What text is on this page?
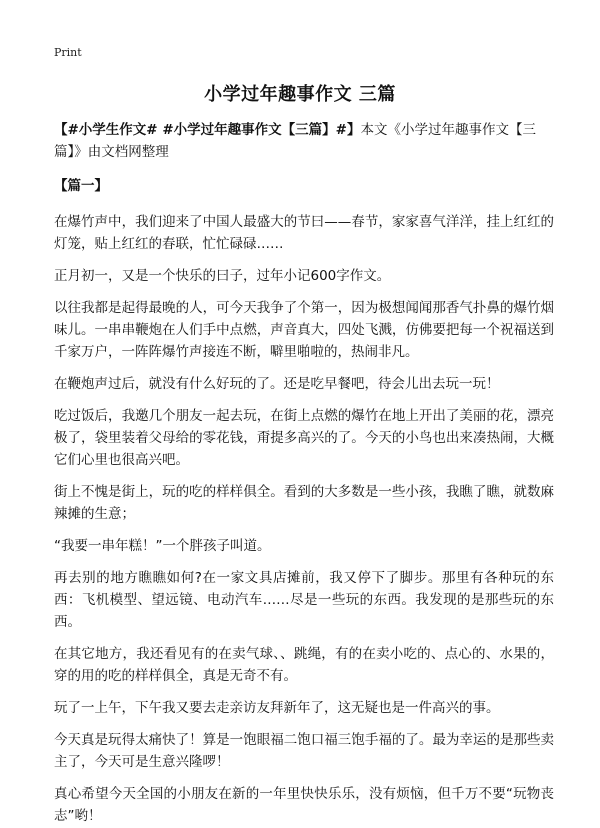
Print
小学过年趣事作文 三篇

【#小学生作文# #小学过年趣事作文【三篇】#】本文《小学过年趣事作文【三篇】》由文档网整理

【篇一】

在爆竹声中，我们迎来了中国人最盛大的节曰——春节，家家喜气洋洋，挂上红红的灯笼，贴上红红的春联，忙忙碌碌……

正月初一，又是一个快乐的曰子，过年小记600字作文。

以往我都是起得最晚的人，可今天我争了个第一，因为极想闻闻那香气扑鼻的爆竹烟味儿。一串串鞭炮在人们手中点燃，声音真大，四处飞溅，仿佛要把每一个祝福送到千家万户，一阵阵爆竹声接连不断，噼里啪啦的，热闹非凡。

在鞭炮声过后，就没有什么好玩的了。还是吃早餐吧，待会儿出去玩一玩！

吃过饭后，我邀几个朋友一起去玩，在街上点燃的爆竹在地上开出了美丽的花，漂亮极了，袋里装着父母给的零花钱，甭提多高兴的了。今天的小鸟也出来凑热闹，大概它们心里也很高兴吧。

街上不愧是街上，玩的吃的样样俱全。看到的大多数是一些小孩，我瞧了瞧，就数麻辣摊的生意；

“我要一串年糕！”一个胖孩子叫道。

再去别的地方瞧瞧如何?在一家文具店摊前，我又停下了脚步。那里有各种玩的东西：飞机模型、望远镜、电动汽车……尽是一些玩的东西。我发现的是那些玩的东西。

在其它地方，我还看见有的在卖气球、、跳绳，有的在卖小吃的、点心的、水果的，穿的用的吃的样样俱全，真是无奇不有。

玩了一上午，下午我又要去走亲访友拜新年了，这无疑也是一件高兴的事。

今天真是玩得太痛快了！算是一饱眼福二饱口福三饱手福的了。最为幸运的是那些卖主了，今天可是生意兴隆啰！

真心希望今天全国的小朋友在新的一年里快快乐乐，没有烦恼，但千万不要“玩物丧志”哟！
